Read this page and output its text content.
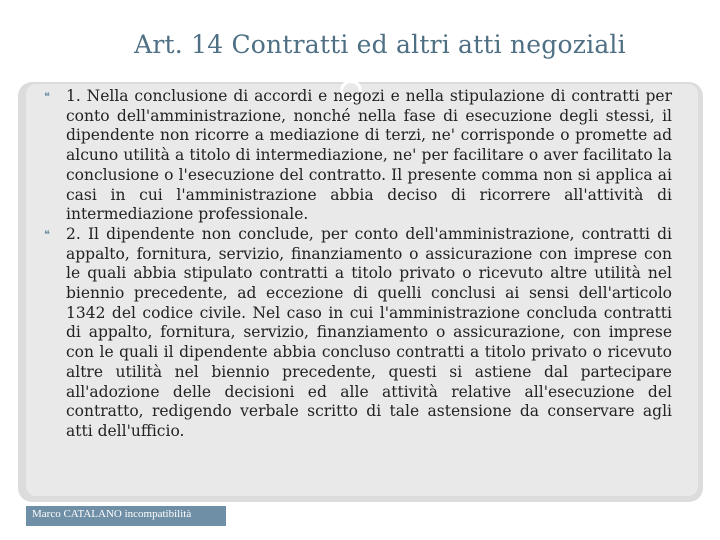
Art. 14 Contratti ed altri atti negoziali

❝	1. Nella conclusione di accordi e negozi e nella stipulazione di contratti per conto dell'amministrazione, nonché nella fase di esecuzione degli stessi, il dipendente non ricorre a mediazione di terzi, ne' corrisponde o promette ad alcuno utilità a titolo di intermediazione, ne' per facilitare o aver facilitato la conclusione o l'esecuzione del contratto. Il presente comma non si applica ai casi in cui l'amministrazione abbia deciso di ricorrere all'attività di intermediazione professionale.

❝	2. Il dipendente non conclude, per conto dell'amministrazione, contratti di appalto, fornitura, servizio, finanziamento o assicurazione con imprese con le quali abbia stipulato contratti a titolo privato o ricevuto altre utilità nel biennio precedente, ad eccezione di quelli conclusi ai sensi dell'articolo 1342 del codice civile. Nel caso in cui l'amministrazione concluda contratti di appalto, fornitura, servizio, finanziamento o assicurazione, con imprese con le quali il dipendente abbia concluso contratti a titolo privato o ricevuto altre utilità nel biennio precedente, questi si astiene dal partecipare all'adozione delle decisioni ed alle attività relative all'esecuzione del contratto, redigendo verbale scritto di tale astensione da conservare agli atti dell'ufficio.

Marco CATALANO incompatibilità
